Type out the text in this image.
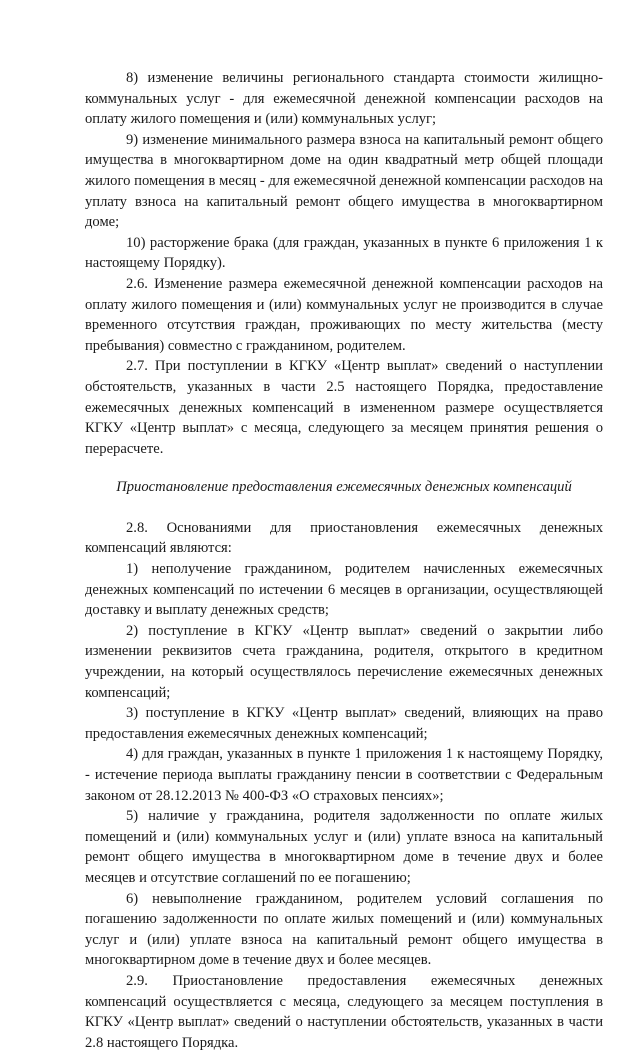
8) изменение величины регионального стандарта стоимости жилищно-коммунальных услуг - для ежемесячной денежной компенсации расходов на оплату жилого помещения и (или) коммунальных услуг;

9) изменение минимального размера взноса на капитальный ремонт общего имущества в многоквартирном доме на один квадратный метр общей площади жилого помещения в месяц - для ежемесячной денежной компенсации расходов на уплату взноса на капитальный ремонт общего имущества в многоквартирном доме;

10) расторжение брака (для граждан, указанных в пункте 6 приложения 1 к настоящему Порядку).

2.6. Изменение размера ежемесячной денежной компенсации расходов на оплату жилого помещения и (или) коммунальных услуг не производится в случае временного отсутствия граждан, проживающих по месту жительства (месту пребывания) совместно с гражданином, родителем.

2.7. При поступлении в КГКУ «Центр выплат» сведений о наступлении обстоятельств, указанных в части 2.5 настоящего Порядка, предоставление ежемесячных денежных компенсаций в измененном размере осуществляется КГКУ «Центр выплат» с месяца, следующего за месяцем принятия решения о перерасчете.

Приостановление предоставления ежемесячных денежных компенсаций

2.8. Основаниями для приостановления ежемесячных денежных компенсаций являются:

1) неполучение гражданином, родителем начисленных ежемесячных денежных компенсаций по истечении 6 месяцев в организации, осуществляющей доставку и выплату денежных средств;

2) поступление в КГКУ «Центр выплат» сведений о закрытии либо изменении реквизитов счета гражданина, родителя, открытого в кредитном учреждении, на который осуществлялось перечисление ежемесячных денежных компенсаций;

3) поступление в КГКУ «Центр выплат» сведений, влияющих на право предоставления ежемесячных денежных компенсаций;

4) для граждан, указанных в пункте 1 приложения 1 к настоящему Порядку, - истечение периода выплаты гражданину пенсии в соответствии с Федеральным законом от 28.12.2013 № 400-ФЗ «О страховых пенсиях»;

5) наличие у гражданина, родителя задолженности по оплате жилых помещений и (или) коммунальных услуг и (или) уплате взноса на капитальный ремонт общего имущества в многоквартирном доме в течение двух и более месяцев и отсутствие соглашений по ее погашению;

6) невыполнение гражданином, родителем условий соглашения по погашению задолженности по оплате жилых помещений и (или) коммунальных услуг и (или) уплате взноса на капитальный ремонт общего имущества в многоквартирном доме в течение двух и более месяцев.

2.9. Приостановление предоставления ежемесячных денежных компенсаций осуществляется с месяца, следующего за месяцем поступления в КГКУ «Центр выплат» сведений о наступлении обстоятельств, указанных в части 2.8 настоящего Порядка.
